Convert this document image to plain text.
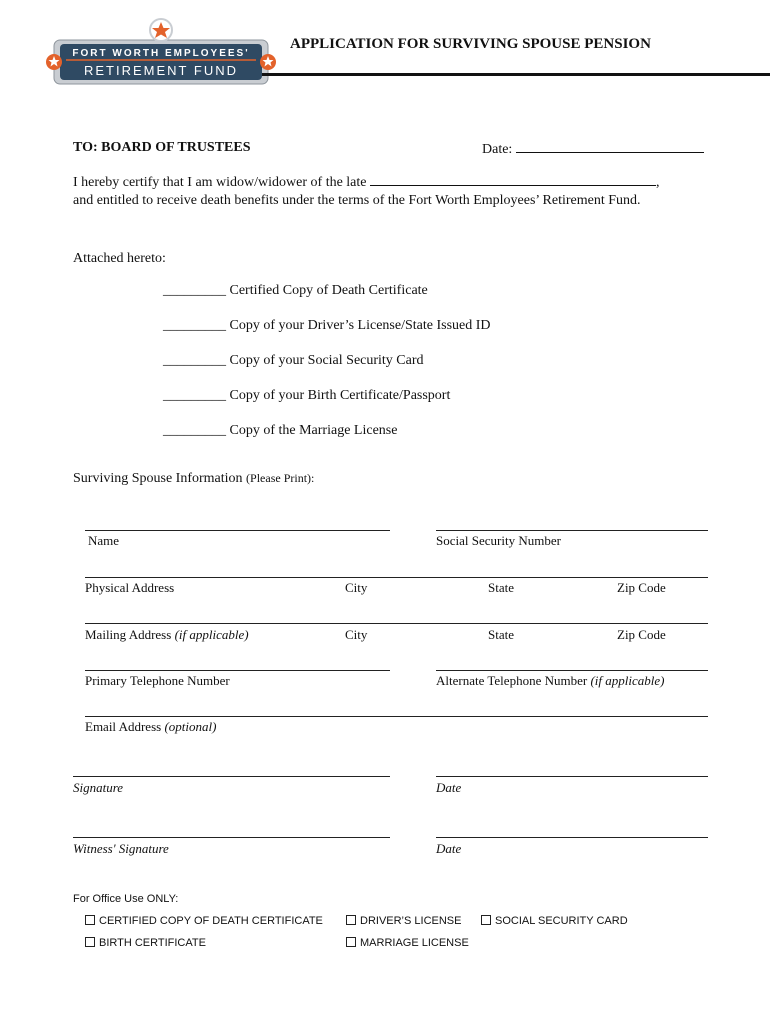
FORT WORTH EMPLOYEES'
RETIREMENT FUND
APPLICATION FOR SURVIVING SPOUSE PENSION
TO: BOARD OF TRUSTEES	Date:
I hereby certify that I am widow/widower of the late	,
and entitled to receive death benefits under the terms of the Fort Worth Employees’ Retirement Fund.
Attached hereto:
_________ Certified Copy of Death Certificate
_________ Copy of your Driver’s License/State Issued ID
_________ Copy of your Social Security Card
_________ Copy of your Birth Certificate/Passport
_________ Copy of the Marriage License
Surviving Spouse Information (Please Print):
Name	Social Security Number
Physical Address	City	State	Zip Code
Mailing Address (if applicable)	City	State	Zip Code
Primary Telephone Number	Alternate Telephone Number (if applicable)
Email Address (optional)
Signature	Date
Witness' Signature	Date
For Office Use ONLY:
CERTIFIED COPY OF DEATH CERTIFICATE	DRIVER’S LICENSE	SOCIAL SECURITY CARD
BIRTH CERTIFICATE	MARRIAGE LICENSE
